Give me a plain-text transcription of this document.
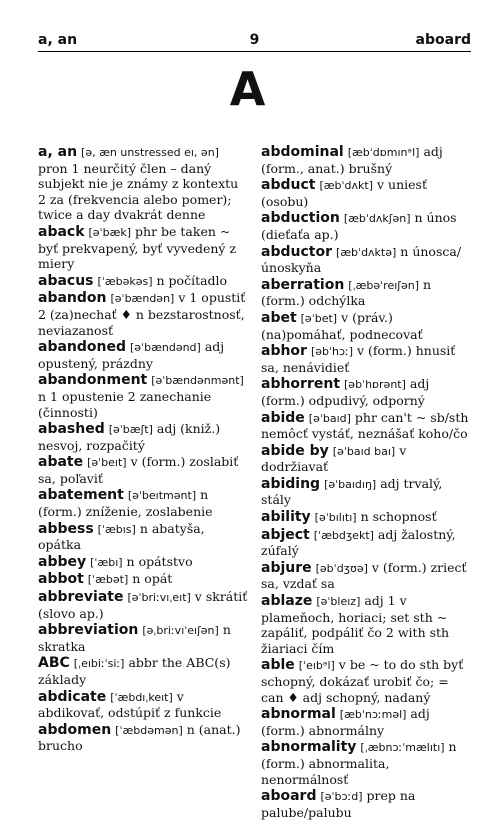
a, an	9	aboard
A
a, an [ə, æn unstressed eı, ən] pron 1 neurčitý člen – daný subjekt nie je známy z kontextu 2 za (frekvencia alebo pomer); twice a day dvakrát denne
aback [əˈbæk] phr be taken ~ byť prekvapený, byť vyvedený z miery
abacus [ˈæbəkəs] n počítadlo
abandon [əˈbændən] v 1 opustiť 2 (za)nechať ♦ n bezstarostnosť, neviazanosť
abandoned [əˈbændənd] adj opustený, prázdny
abandonment [əˈbændənmənt] n 1 opustenie 2 zanechanie (činnosti)
abashed [əˈbæʃt] adj (kniž.) nesvoj, rozpačitý
abate [əˈbeıt] v (form.) zoslabiť sa, poľaviť
abatement [əˈbeıtmənt] n (form.) zníženie, zoslabenie
abbess [ˈæbıs] n abatyša, opátka
abbey [ˈæbı] n opátstvo
abbot [ˈæbət] n opát
abbreviate [əˈbriːvıˌeıt] v skrátiť (slovo ap.)
abbreviation [əˌbriːvıˈeıʃən] n skratka
ABC [ˌeıbiːˈsiː] abbr the ABC(s) základy
abdicate [ˈæbdıˌkeıt] v abdikovať, odstúpiť z funkcie
abdomen [ˈæbdəmən] n (anat.) brucho
abdominal [æbˈdɒmınᵊl] adj (form., anat.) brušný
abduct [æbˈdʌkt] v uniesť (osobu)
abduction [æbˈdʌkʃən] n únos (dieťaťa ap.)
abductor [æbˈdʌktə] n únosca/únoskyňa
aberration [ˌæbəˈreıʃən] n (form.) odchýlka
abet [əˈbet] v (práv.) (na)pomáhať, podnecovať
abhor [əbˈhɔː] v (form.) hnusiť sa, nenávidieť
abhorrent [əbˈhɒrənt] adj (form.) odpudivý, odporný
abide [əˈbaıd] phr can't ~ sb/sth nemôcť vystáť, neznášať koho/čo
abide by [əˈbaıd baı] v dodržiavať
abiding [əˈbaıdıŋ] adj trvalý, stály
ability [əˈbılıtı] n schopnosť
abject [ˈæbdʒekt] adj žalostný, zúfalý
abjure [əbˈdʒʊə] v (form.) zrieсť sa, vzdať sa
ablaze [əˈbleız] adj 1 v plameňoch, horiaci; set sth ~ zapáliť, podpáliť čo 2 with sth žiariaci čím
able [ˈeıbᵊl] v be ~ to do sth byť schopný, dokázať urobiť čo; = can ♦ adj schopný, nadaný
abnormal [æbˈnɔːməl] adj (form.) abnormálny
abnormality [ˌæbnɔːˈmælıtı] n (form.) abnormalita, nenormálnosť
aboard [əˈbɔːd] prep na palube/palubu
